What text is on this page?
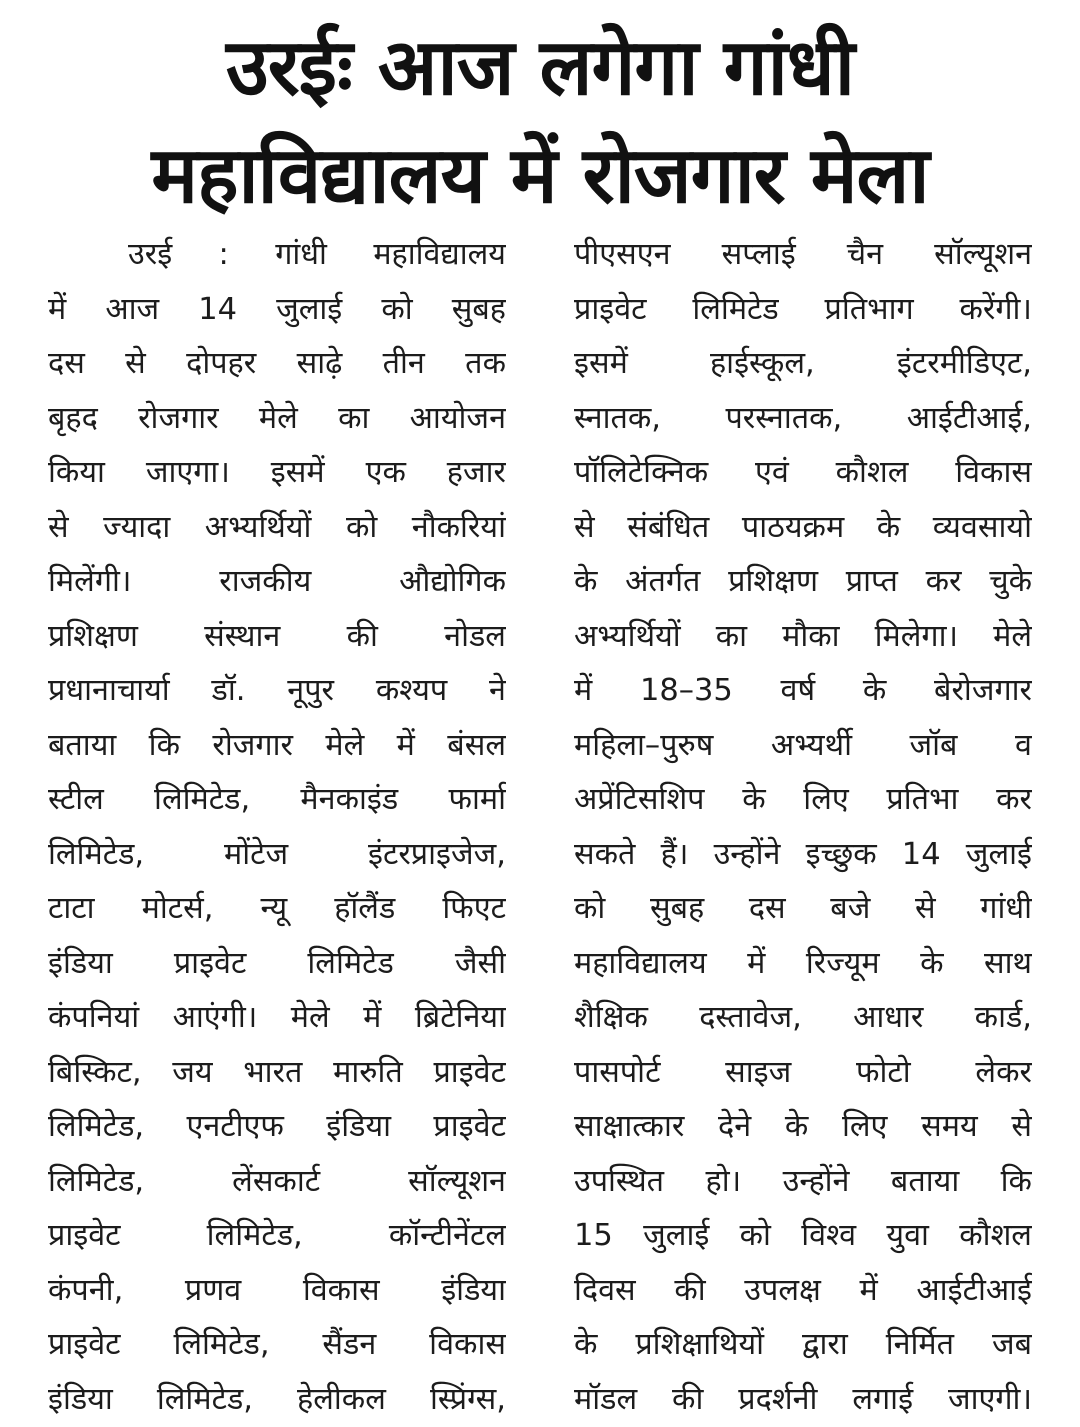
उरईः आज लगेगा गांधी
महाविद्यालय में रोजगार मेला
उरई : गांधी महाविद्यालय
में आज 14 जुलाई को सुबह
दस से दोपहर साढ़े तीन तक
बृहद रोजगार मेले का आयोजन
किया जाएगा। इसमें एक हजार
से ज्यादा अभ्यर्थियों को नौकरियां
मिलेंगी। राजकीय औद्योगिक
प्रशिक्षण संस्थान की नोडल
प्रधानाचार्या डॉ. नूपुर कश्यप ने
बताया कि रोजगार मेले में बंसल
स्टील लिमिटेड, मैनकाइंड फार्मा
लिमिटेड, मोंटेज इंटरप्राइजेज,
टाटा मोटर्स, न्यू हॉलैंड फिएट
इंडिया प्राइवेट लिमिटेड जैसी
कंपनियां आएंगी। मेले में ब्रिटेनिया
बिस्किट, जय भारत मारुति प्राइवेट
लिमिटेड, एनटीएफ इंडिया प्राइवेट
लिमिटेड, लेंसकार्ट सॉल्यूशन
प्राइवेट लिमिटेड, कॉन्टीनेंटल
कंपनी, प्रणव विकास इंडिया
प्राइवेट लिमिटेड, सैंडन विकास
इंडिया लिमिटेड, हेलीकल स्प्रिंग्स,
पीएसएन सप्लाई चैन सॉल्यूशन
प्राइवेट लिमिटेड प्रतिभाग करेंगी।
इसमें हाईस्कूल, इंटरमीडिएट,
स्नातक, परस्नातक, आईटीआई,
पॉलिटेक्निक एवं कौशल विकास
से संबंधित पाठयक्रम के व्यवसायो
के अंतर्गत प्रशिक्षण प्राप्त कर चुके
अभ्यर्थियों का मौका मिलेगा। मेले
में 18–35 वर्ष के बेरोजगार
महिला–पुरुष अभ्यर्थी जॉब व
अप्रेंटिसशिप के लिए प्रतिभा कर
सकते हैं। उन्होंने इच्छुक 14 जुलाई
को सुबह दस बजे से गांधी
महाविद्यालय में रिज्यूम के साथ
शैक्षिक दस्तावेज, आधार कार्ड,
पासपोर्ट साइज फोटो लेकर
साक्षात्कार देने के लिए समय से
उपस्थित हो। उन्होंने बताया कि
15 जुलाई को विश्व युवा कौशल
दिवस की उपलक्ष में आईटीआई
के प्रशिक्षाथियों द्वारा निर्मित जब
मॉडल की प्रदर्शनी लगाई जाएगी।
